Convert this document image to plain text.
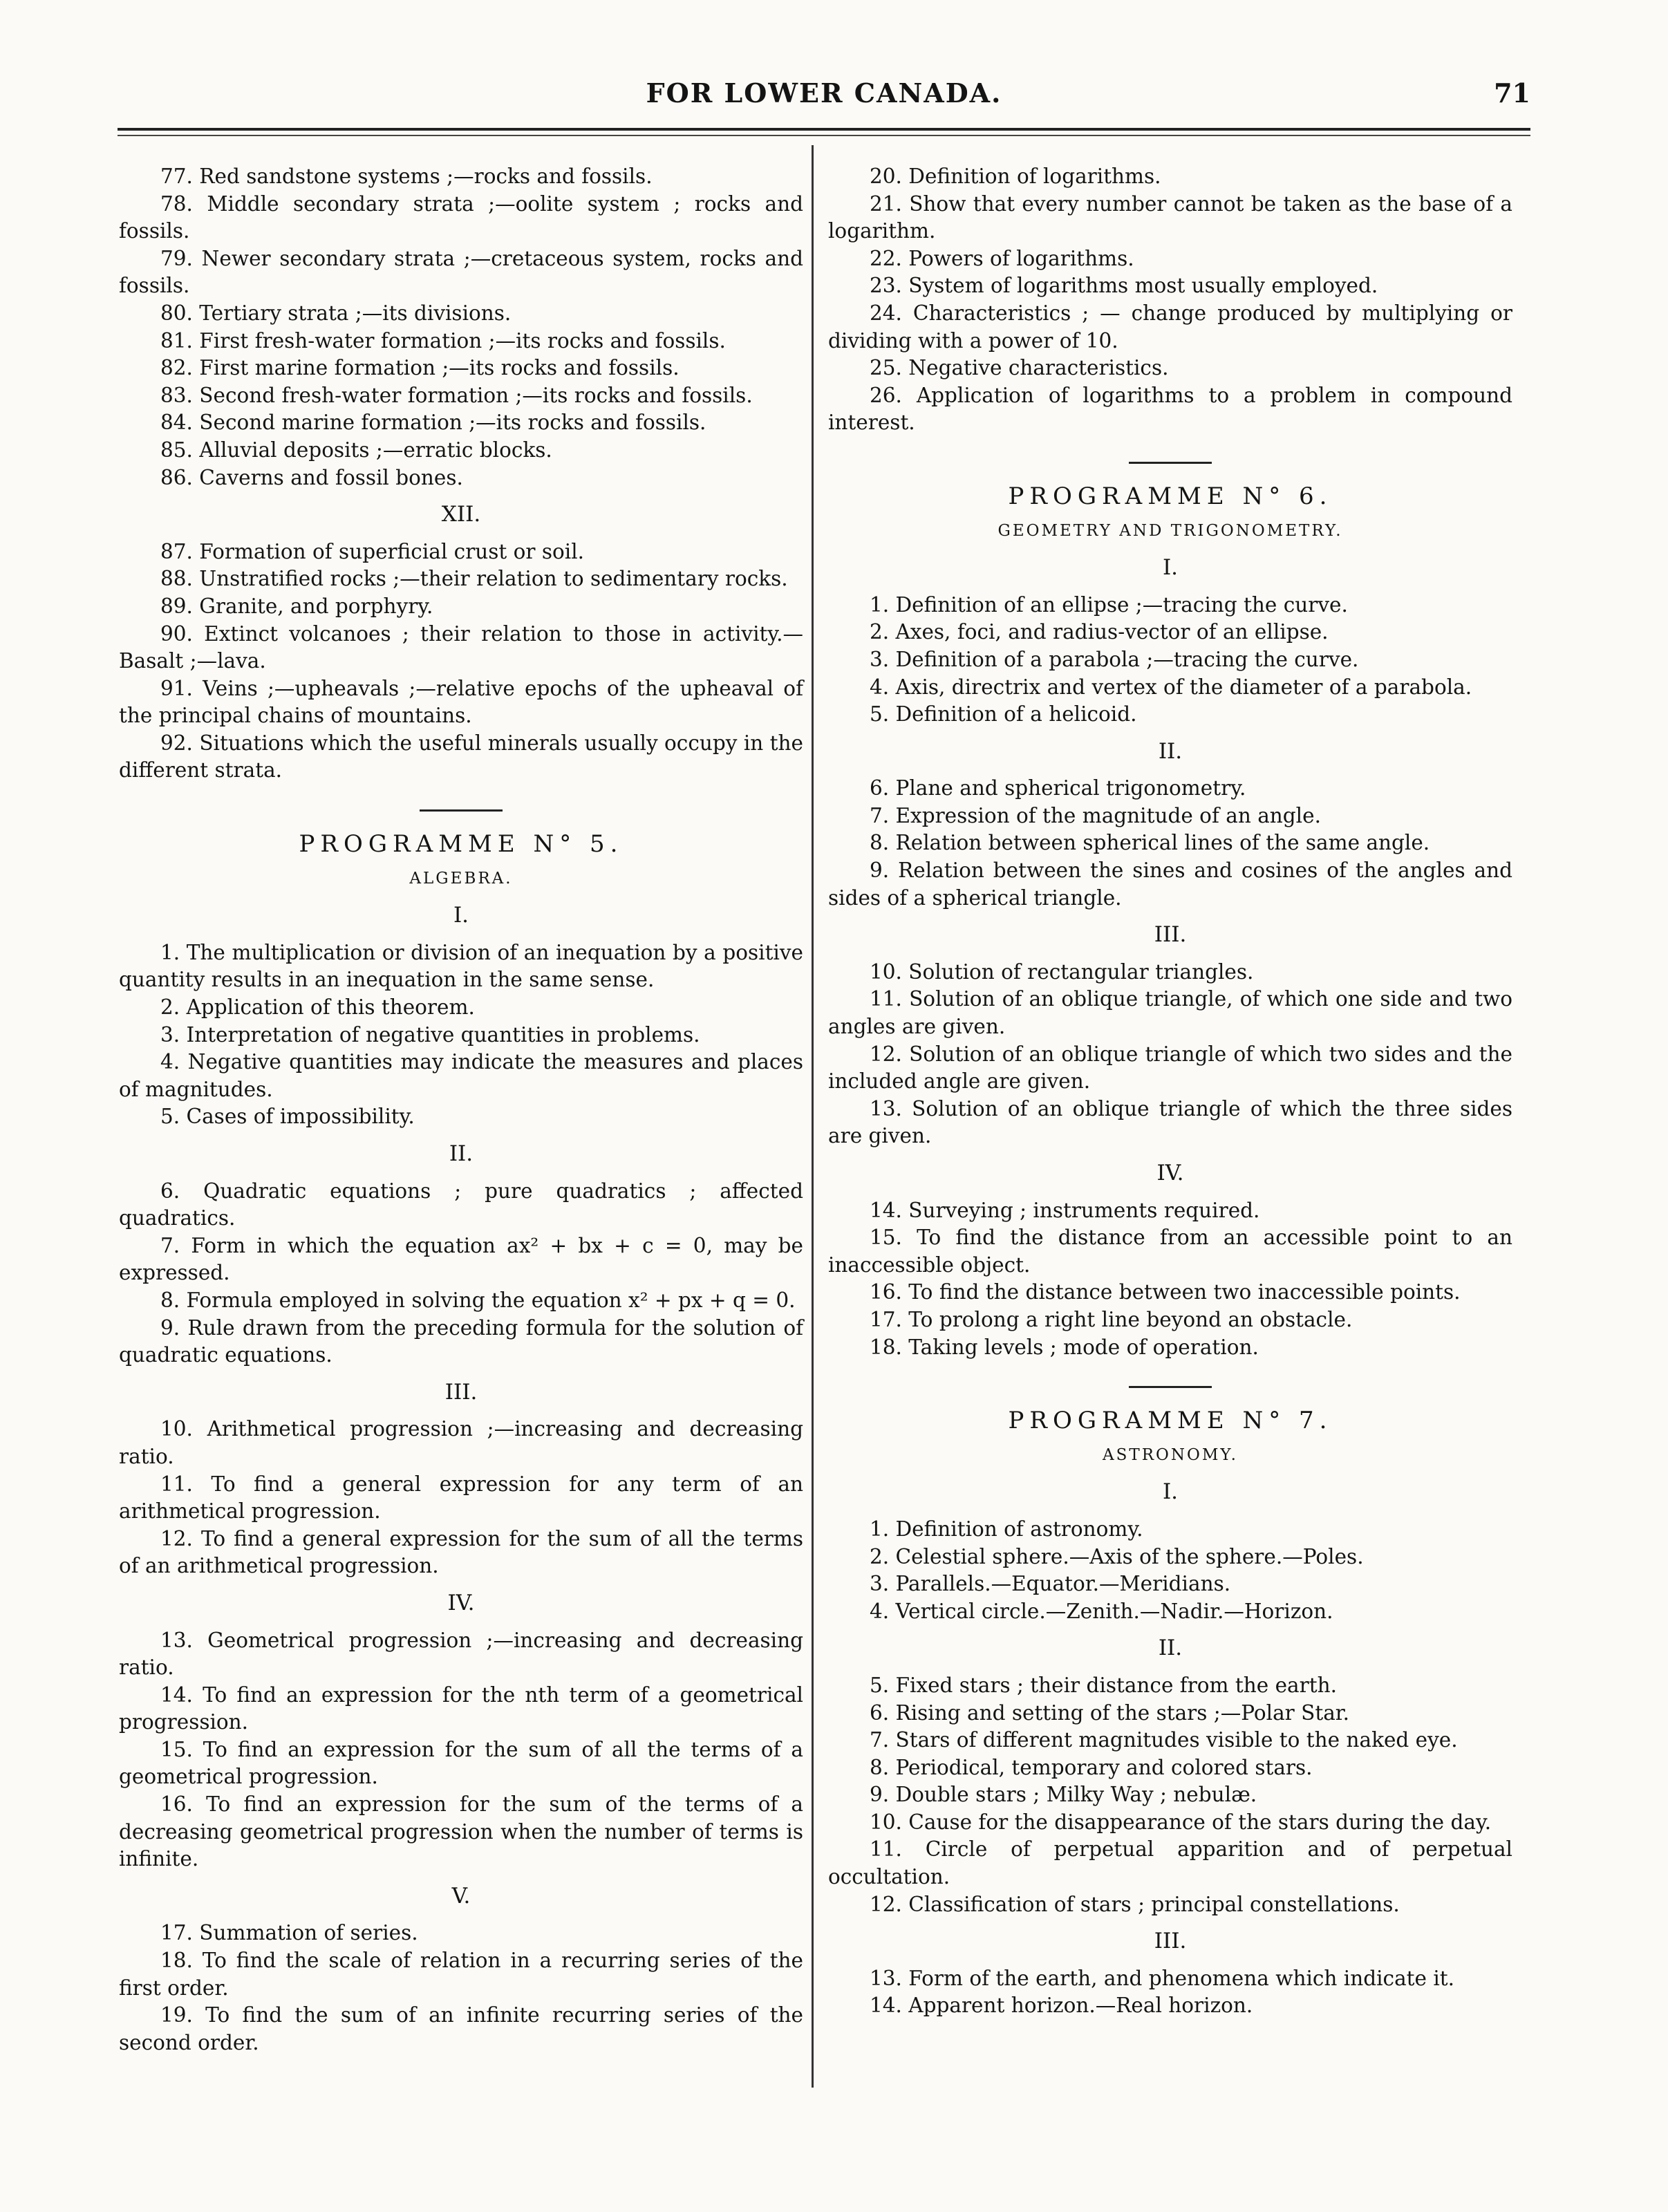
FOR LOWER CANADA.	71

77. Red sandstone systems ;—rocks and fossils.

78. Middle secondary strata ;—oolite system ; rocks and fossils.

79. Newer secondary strata ;—cretaceous system, rocks and fossils.

80. Tertiary strata ;—its divisions.

81. First fresh-water formation ;—its rocks and fossils.

82. First marine formation ;—its rocks and fossils.

83. Second fresh-water formation ;—its rocks and fossils.

84. Second marine formation ;—its rocks and fossils.

85. Alluvial deposits ;—erratic blocks.

86. Caverns and fossil bones.

XII.

87. Formation of superficial crust or soil.

88. Unstratified rocks ;—their relation to sedimentary rocks.

89. Granite, and porphyry.

90. Extinct volcanoes ; their relation to those in activity.—Basalt ;—lava.

91. Veins ;—upheavals ;—relative epochs of the upheaval of the principal chains of mountains.

92. Situations which the useful minerals usually occupy in the different strata.

PROGRAMME N° 5.
ALGEBRA.
I.

1. The multiplication or division of an inequation by a positive quantity results in an inequation in the same sense.

2. Application of this theorem.

3. Interpretation of negative quantities in problems.

4. Negative quantities may indicate the measures and places of magnitudes.

5. Cases of impossibility.

II.

6. Quadratic equations ; pure quadratics ; affected quadratics.

7. Form in which the equation ax² + bx + c = 0, may be expressed.

8. Formula employed in solving the equation x² + px + q = 0.

9. Rule drawn from the preceding formula for the solution of quadratic equations.

III.

10. Arithmetical progression ;—increasing and decreasing ratio.

11. To find a general expression for any term of an arithmetical progression.

12. To find a general expression for the sum of all the terms of an arithmetical progression.

IV.

13. Geometrical progression ;—increasing and decreasing ratio.

14. To find an expression for the nth term of a geometrical progression.

15. To find an expression for the sum of all the terms of a geometrical progression.

16. To find an expression for the sum of the terms of a decreasing geometrical progression when the number of terms is infinite.

V.

17. Summation of series.

18. To find the scale of relation in a recurring series of the first order.

19. To find the sum of an infinite recurring series of the second order.

20. Definition of logarithms.

21. Show that every number cannot be taken as the base of a logarithm.

22. Powers of logarithms.

23. System of logarithms most usually employed.

24. Characteristics ; — change produced by multiplying or dividing with a power of 10.

25. Negative characteristics.

26. Application of logarithms to a problem in compound interest.

PROGRAMME N° 6.
GEOMETRY AND TRIGONOMETRY.
I.

1. Definition of an ellipse ;—tracing the curve.

2. Axes, foci, and radius-vector of an ellipse.

3. Definition of a parabola ;—tracing the curve.

4. Axis, directrix and vertex of the diameter of a parabola.

5. Definition of a helicoid.

II.

6. Plane and spherical trigonometry.

7. Expression of the magnitude of an angle.

8. Relation between spherical lines of the same angle.

9. Relation between the sines and cosines of the angles and sides of a spherical triangle.

III.

10. Solution of rectangular triangles.

11. Solution of an oblique triangle, of which one side and two angles are given.

12. Solution of an oblique triangle of which two sides and the included angle are given.

13. Solution of an oblique triangle of which the three sides are given.

IV.

14. Surveying ; instruments required.

15. To find the distance from an accessible point to an inaccessible object.

16. To find the distance between two inaccessible points.

17. To prolong a right line beyond an obstacle.

18. Taking levels ; mode of operation.

PROGRAMME N° 7.
ASTRONOMY.
I.

1. Definition of astronomy.

2. Celestial sphere.—Axis of the sphere.—Poles.

3. Parallels.—Equator.—Meridians.

4. Vertical circle.—Zenith.—Nadir.—Horizon.

II.

5. Fixed stars ; their distance from the earth.

6. Rising and setting of the stars ;—Polar Star.

7. Stars of different magnitudes visible to the naked eye.

8. Periodical, temporary and colored stars.

9. Double stars ; Milky Way ; nebulæ.

10. Cause for the disappearance of the stars during the day.

11. Circle of perpetual apparition and of perpetual occultation.

12. Classification of stars ; principal constellations.

III.

13. Form of the earth, and phenomena which indicate it.

14. Apparent horizon.—Real horizon.
